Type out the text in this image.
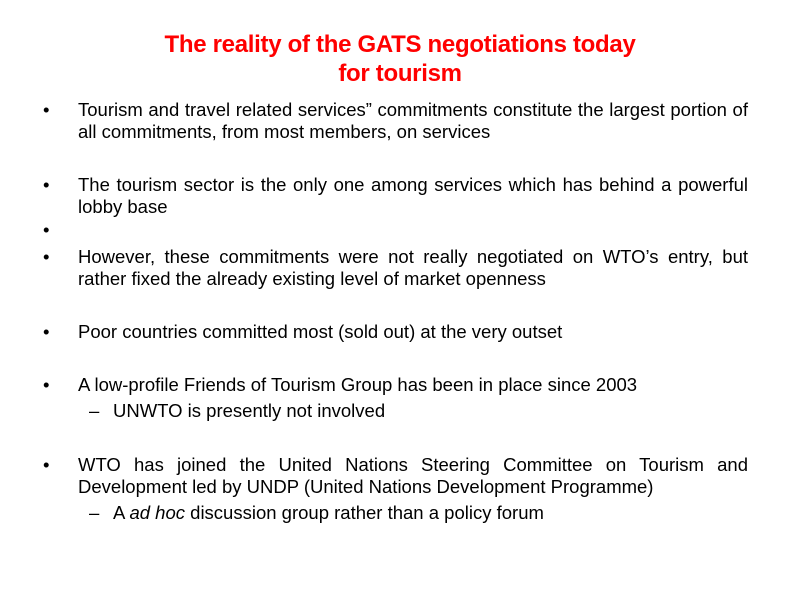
The reality of the GATS negotiations today
for tourism
• Tourism and travel related services” commitments constitute the largest portion of all commitments, from most members, on services
• The tourism sector is the only one among services which has behind a powerful lobby base
•

• However, these commitments were not really negotiated on WTO’s entry, but rather fixed the already existing level of market openness
• Poor countries committed most (sold out) at the very outset
• A low-profile Friends of Tourism Group has been in place since 2003
– UNWTO is presently not involved
• WTO has joined the United Nations Steering Committee on Tourism and Development led by UNDP (United Nations Development Programme)
– A ad hoc discussion group rather than a policy forum
